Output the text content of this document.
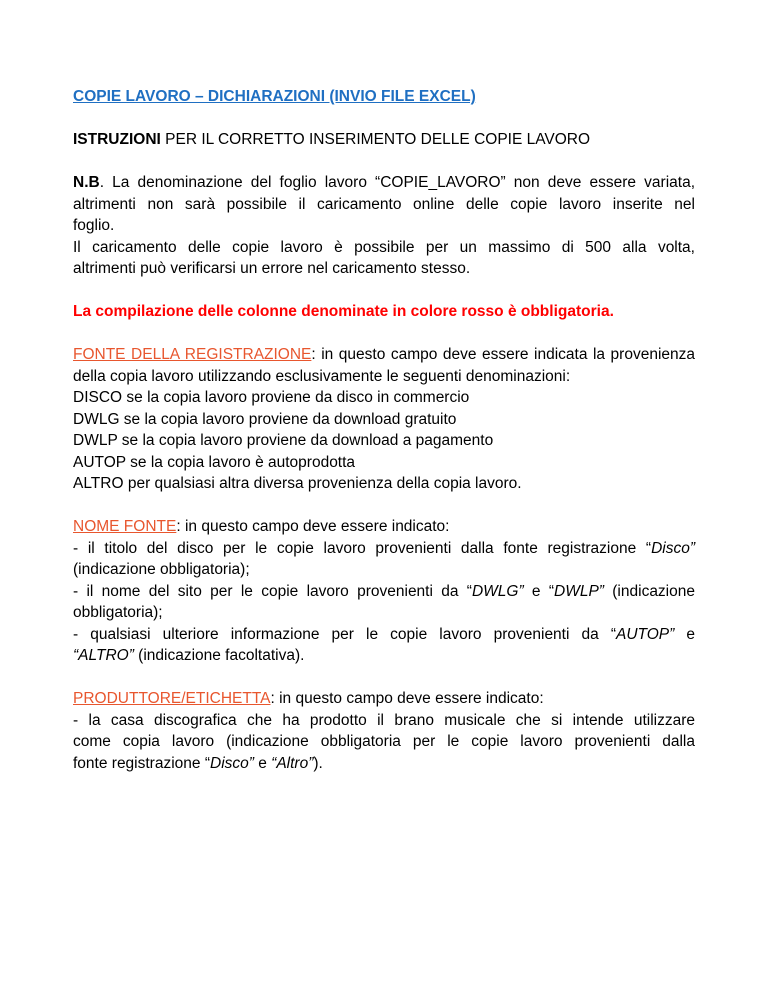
COPIE LAVORO – DICHIARAZIONI (INVIO FILE EXCEL)

ISTRUZIONI PER IL CORRETTO INSERIMENTO DELLE COPIE LAVORO

N.B. La denominazione del foglio lavoro “COPIE_LAVORO” non deve essere variata,

altrimenti non sarà possibile il caricamento online delle copie lavoro inserite nel

foglio.

Il caricamento delle copie lavoro è possibile per un massimo di 500 alla volta,

altrimenti può verificarsi un errore nel caricamento stesso.

La compilazione delle colonne denominate in colore rosso è obbligatoria.

FONTE DELLA REGISTRAZIONE: in questo campo deve essere indicata la provenienza

della copia lavoro utilizzando esclusivamente le seguenti denominazioni:

DISCO se la copia lavoro proviene da disco in commercio

DWLG se la copia lavoro proviene da download gratuito

DWLP se la copia lavoro proviene da download a pagamento

AUTOP se la copia lavoro è autoprodotta

ALTRO per qualsiasi altra diversa provenienza della copia lavoro.

NOME FONTE: in questo campo deve essere indicato:

- il titolo del disco per le copie lavoro provenienti dalla fonte registrazione “Disco”

(indicazione obbligatoria);

- il nome del sito per le copie lavoro provenienti da “DWLG” e “DWLP” (indicazione

obbligatoria);

- qualsiasi ulteriore informazione per le copie lavoro provenienti da “AUTOP” e

“ALTRO” (indicazione facoltativa).

PRODUTTORE/ETICHETTA: in questo campo deve essere indicato:

- la casa discografica che ha prodotto il brano musicale che si intende utilizzare

come copia lavoro (indicazione obbligatoria per le copie lavoro provenienti dalla

fonte registrazione “Disco” e “Altro”).
